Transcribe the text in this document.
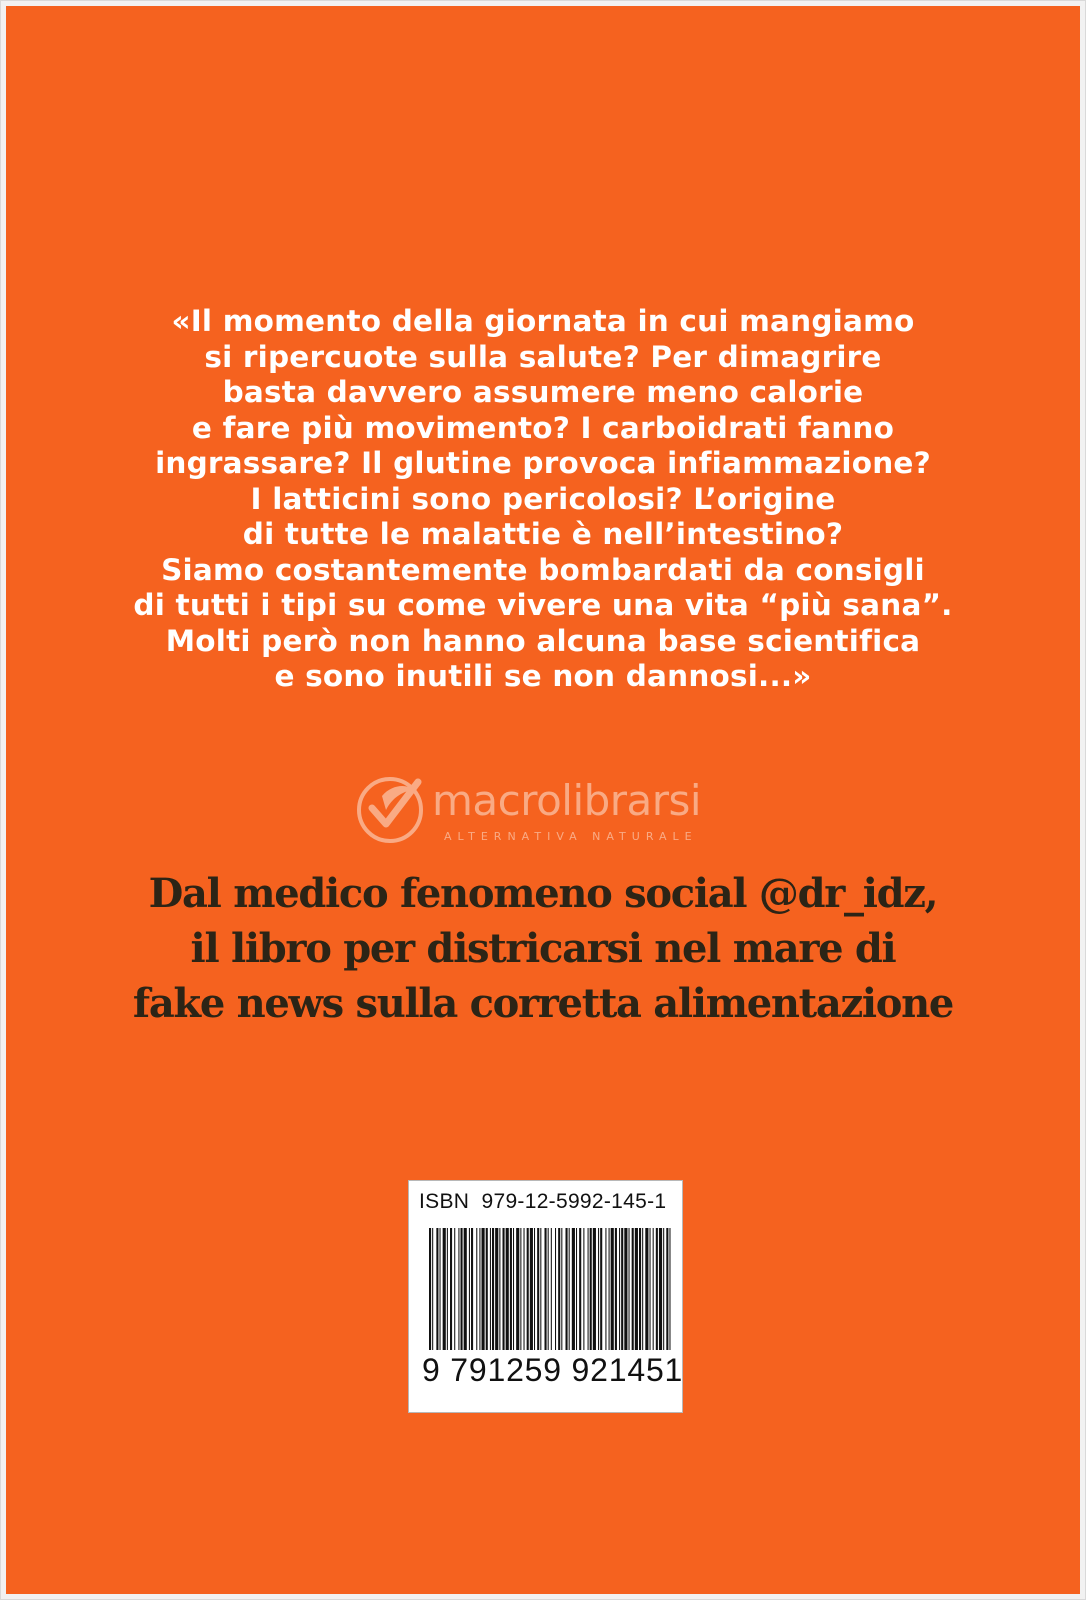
«Il momento della giornata in cui mangiamo
si ripercuote sulla salute? Per dimagrire
basta davvero assumere meno calorie
e fare più movimento? I carboidrati fanno
ingrassare? Il glutine provoca infiammazione?
I latticini sono pericolosi? L’origine
di tutte le malattie è nell’intestino?
Siamo costantemente bombardati da consigli
di tutti i tipi su come vivere una vita “più sana”.
Molti però non hanno alcuna base scientifica
e sono inutili se non dannosi...»
macrolibrarsi
ALTERNATIVA NATURALE
Dal medico fenomeno social @dr_idz,
il libro per districarsi nel mare di
fake news sulla corretta alimentazione
ISBN  979-12-5992-145-1
9 791259 921451
